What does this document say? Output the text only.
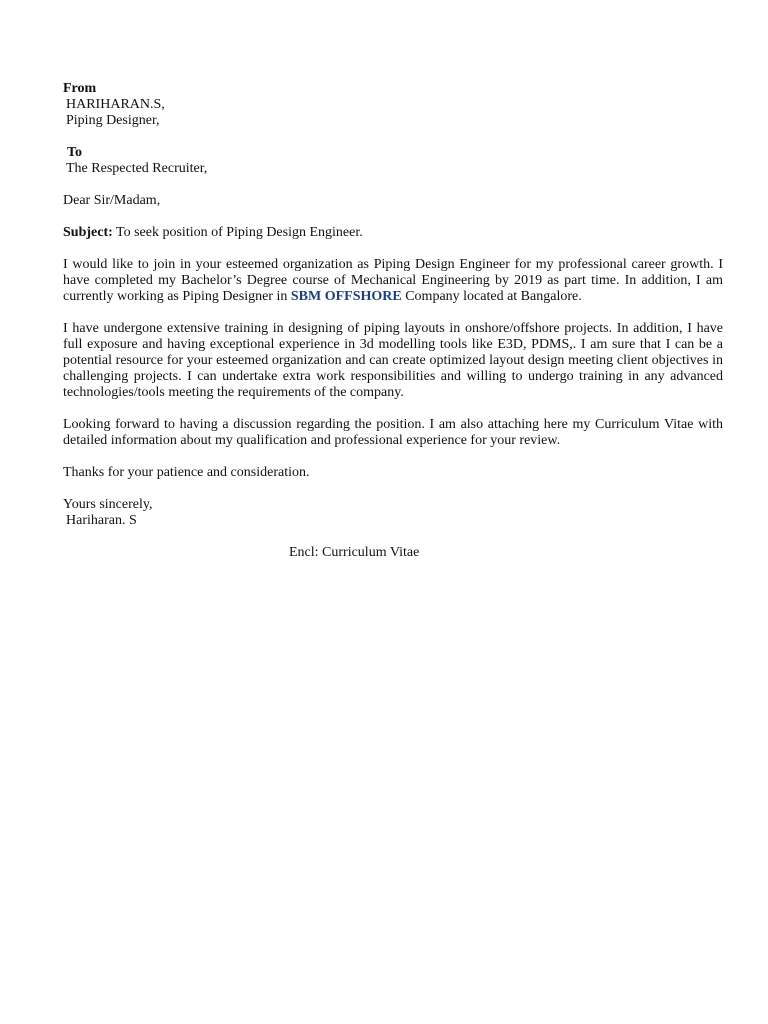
From
HARIHARAN.S,
Piping Designer,
To
The Respected Recruiter,
Dear Sir/Madam,
Subject: To seek position of Piping Design Engineer.
I would like to join in your esteemed organization as Piping Design Engineer for my professional career growth. I have completed my Bachelor’s Degree course of Mechanical Engineering by 2019 as part time. In addition, I am currently working as Piping Designer in SBM OFFSHORE Company located at Bangalore.
I have undergone extensive training in designing of piping layouts in onshore/offshore projects. In addition, I have full exposure and having exceptional experience in 3d modelling tools like E3D, PDMS,. I am sure that I can be a potential resource for your esteemed organization and can create optimized layout design meeting client objectives in challenging projects. I can undertake extra work responsibilities and willing to undergo training in any advanced technologies/tools meeting the requirements of the company.
Looking forward to having a discussion regarding the position. I am also attaching here my Curriculum Vitae with detailed information about my qualification and professional experience for your review.
Thanks for your patience and consideration.
Yours sincerely,
Hariharan. S
Encl: Curriculum Vitae
